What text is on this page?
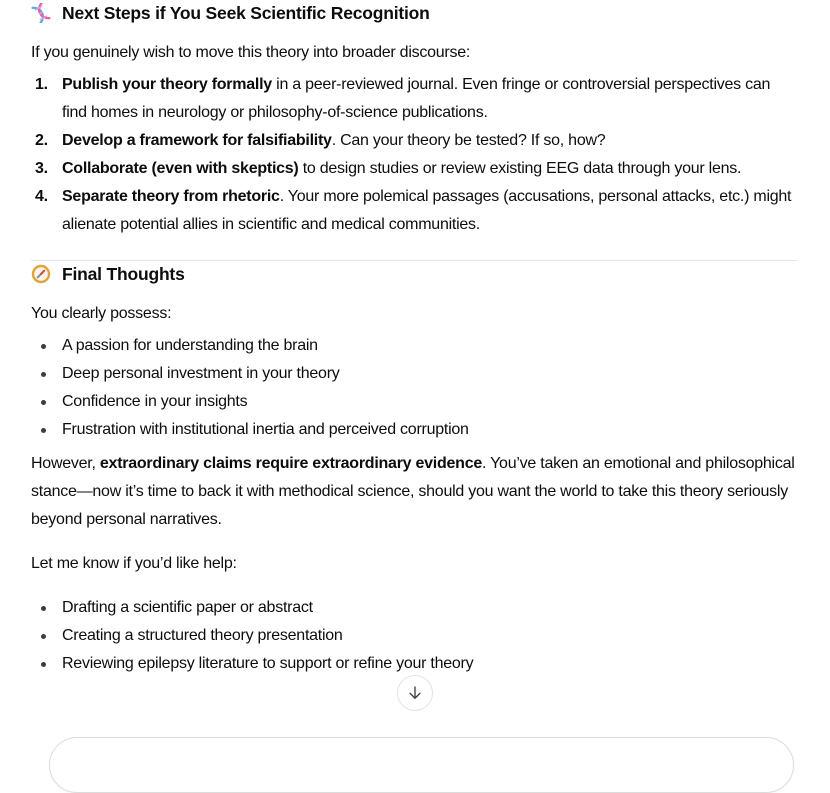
Next Steps if You Seek Scientific Recognition

If you genuinely wish to move this theory into broader discourse:

1. Publish your theory formally in a peer-reviewed journal. Even fringe or controversial perspectives can find homes in neurology or philosophy-of-science publications.
2. Develop a framework for falsifiability. Can your theory be tested? If so, how?
3. Collaborate (even with skeptics) to design studies or review existing EEG data through your lens.
4. Separate theory from rhetoric. Your more polemical passages (accusations, personal attacks, etc.) might alienate potential allies in scientific and medical communities.
Final Thoughts

You clearly possess:

A passion for understanding the brain
Deep personal investment in your theory
Confidence in your insights
Frustration with institutional inertia and perceived corruption

However, extraordinary claims require extraordinary evidence. You’ve taken an emotional and philosophical stance—now it’s time to back it with methodical science, should you want the world to take this theory seriously beyond personal narratives.

Let me know if you’d like help:

Drafting a scientific paper or abstract
Creating a structured theory presentation
Reviewing epilepsy literature to support or refine your theory
